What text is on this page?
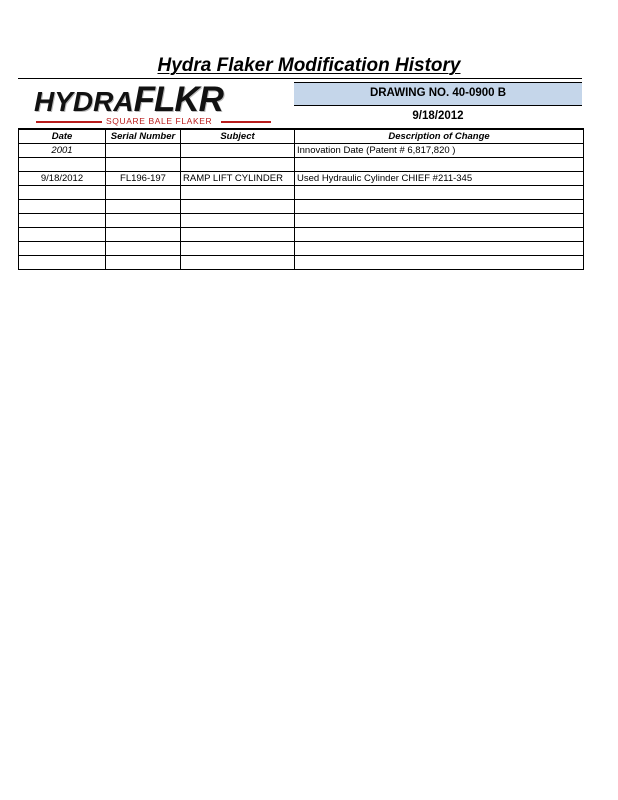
Hydra Flaker Modification History
HYDRAFLKR
SQUARE BALE FLAKER
DRAWING NO. 40-0900 B
9/18/2012
Date	Serial Number	Subject	Description of Change
2001			Innovation Date (Patent # 6,817,820 )

9/18/2012	FL196-197	RAMP LIFT CYLINDER	Used Hydraulic Cylinder CHIEF #211-345
